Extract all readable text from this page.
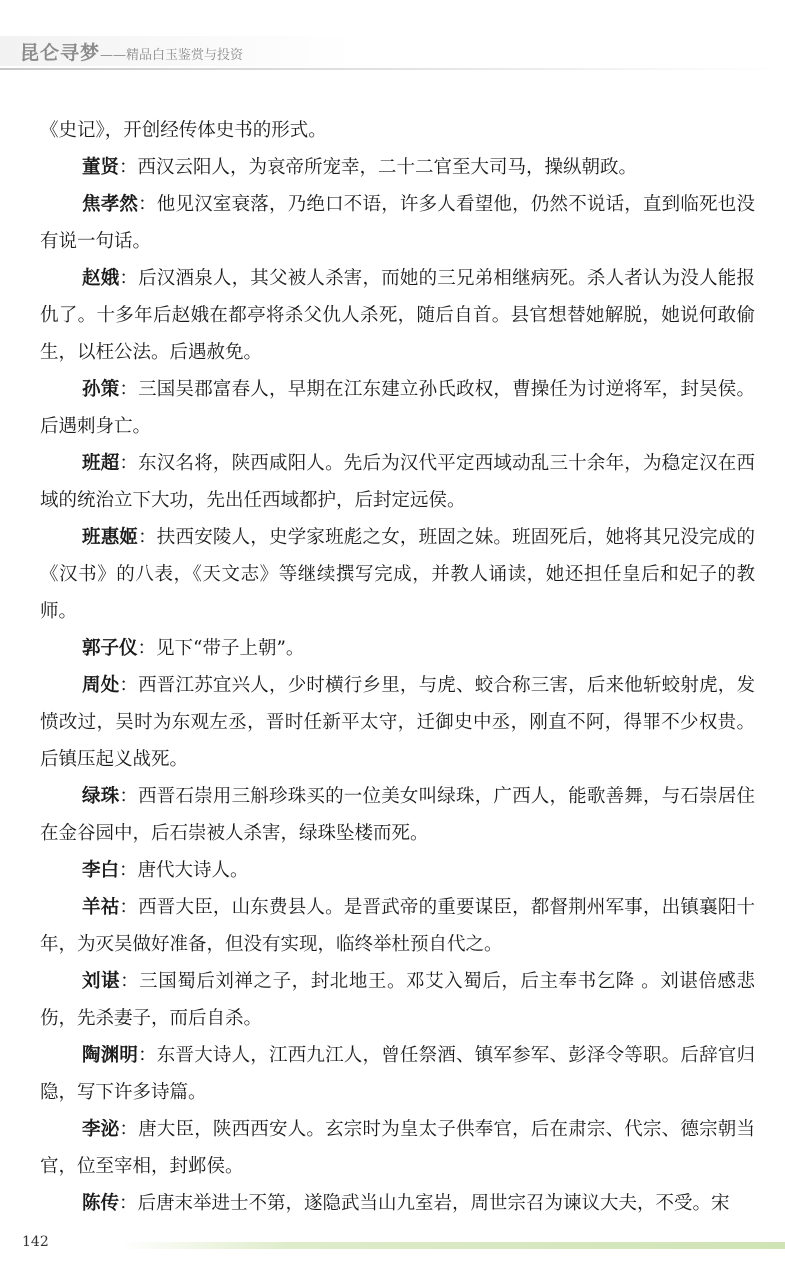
昆仑寻梦 ——精品白玉鉴赏与投资

《史记》，开创经传体史书的形式。

董贤：西汉云阳人，为哀帝所宠幸，二十二官至大司马，操纵朝政。

焦孝然：他见汉室衰落，乃绝口不语，许多人看望他，仍然不说话，直到临死也没有说一句话。

赵娥：后汉酒泉人，其父被人杀害，而她的三兄弟相继病死。杀人者认为没人能报仇了。十多年后赵娥在都亭将杀父仇人杀死，随后自首。县官想替她解脱，她说何敢偷生，以枉公法。后遇赦免。

孙策：三国吴郡富春人，早期在江东建立孙氏政权，曹操任为讨逆将军，封吴侯。后遇刺身亡。

班超：东汉名将，陕西咸阳人。先后为汉代平定西域动乱三十余年，为稳定汉在西域的统治立下大功，先出任西域都护，后封定远侯。

班惠姬：扶西安陵人，史学家班彪之女，班固之妹。班固死后，她将其兄没完成的《汉书》的八表，《天文志》等继续撰写完成，并教人诵读，她还担任皇后和妃子的教师。

郭子仪：见下“带子上朝”。

周处：西晋江苏宜兴人，少时横行乡里，与虎、蛟合称三害，后来他斩蛟射虎，发愤改过，吴时为东观左丞，晋时任新平太守，迁御史中丞，刚直不阿，得罪不少权贵。后镇压起义战死。

绿珠：西晋石崇用三斛珍珠买的一位美女叫绿珠，广西人，能歌善舞，与石崇居住在金谷园中，后石崇被人杀害，绿珠坠楼而死。

李白：唐代大诗人。

羊祜：西晋大臣，山东费县人。是晋武帝的重要谋臣，都督荆州军事，出镇襄阳十年，为灭吴做好准备，但没有实现，临终举杜预自代之。

刘谌：三国蜀后刘禅之子，封北地王。邓艾入蜀后，后主奉书乞降 。刘谌倍感悲伤，先杀妻子，而后自杀。

陶渊明：东晋大诗人，江西九江人，曾任祭酒、镇军参军、彭泽令等职。后辞官归隐，写下许多诗篇。

李泌：唐大臣，陕西西安人。玄宗时为皇太子供奉官，后在肃宗、代宗、德宗朝当官，位至宰相，封邺侯。

陈传：后唐末举进士不第，遂隐武当山九室岩，周世宗召为谏议大夫，不受。宋

142
